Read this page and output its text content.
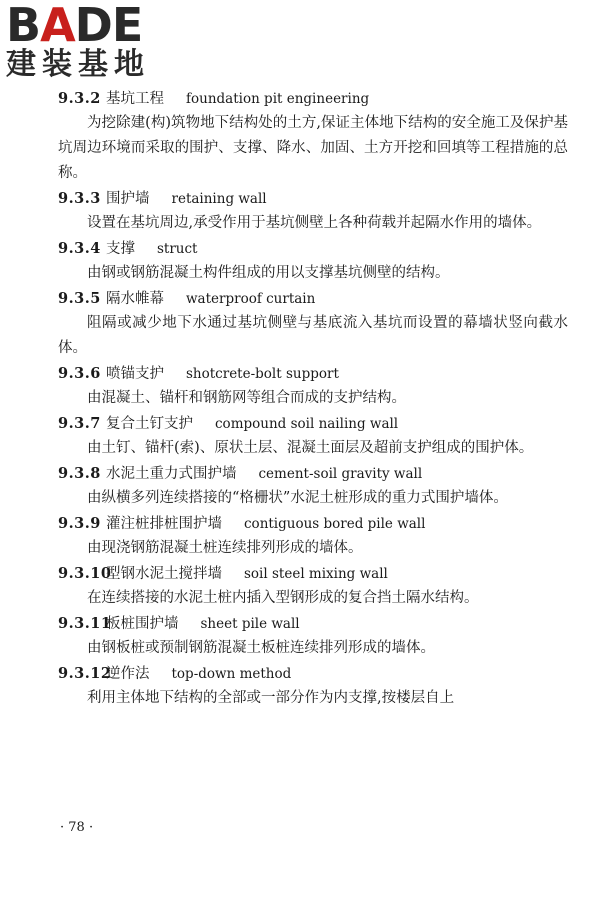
BADE
建装基地
9.3.2 基坑工程 foundation pit engineering

为挖除建(构)筑物地下结构处的土方,保证主体地下结构的安全施工及保护基坑周边环境而采取的围护、支撑、降水、加固、土方开挖和回填等工程措施的总称。

9.3.3 围护墙 retaining wall

设置在基坑周边,承受作用于基坑侧壁上各种荷载并起隔水作用的墙体。

9.3.4 支撑 struct

由钢或钢筋混凝土构件组成的用以支撑基坑侧壁的结构。

9.3.5 隔水帷幕 waterproof curtain

阻隔或减少地下水通过基坑侧壁与基底流入基坑而设置的幕墙状竖向截水体。

9.3.6 喷锚支护 shotcrete-bolt support

由混凝土、锚杆和钢筋网等组合而成的支护结构。

9.3.7 复合土钉支护 compound soil nailing wall

由土钉、锚杆(索)、原状土层、混凝土面层及超前支护组成的围护体。

9.3.8 水泥土重力式围护墙 cement-soil gravity wall

由纵横多列连续搭接的“格栅状”水泥土桩形成的重力式围护墙体。

9.3.9 灌注桩排桩围护墙 contiguous bored pile wall

由现浇钢筋混凝土桩连续排列形成的墙体。

9.3.10型钢水泥土搅拌墙 soil steel mixing wall

在连续搭接的水泥土桩内插入型钢形成的复合挡土隔水结构。

9.3.11板桩围护墙 sheet pile wall

由钢板桩或预制钢筋混凝土板桩连续排列形成的墙体。

9.3.12逆作法 top-down method

利用主体地下结构的全部或一部分作为内支撑,按楼层自上

· 78 ·
